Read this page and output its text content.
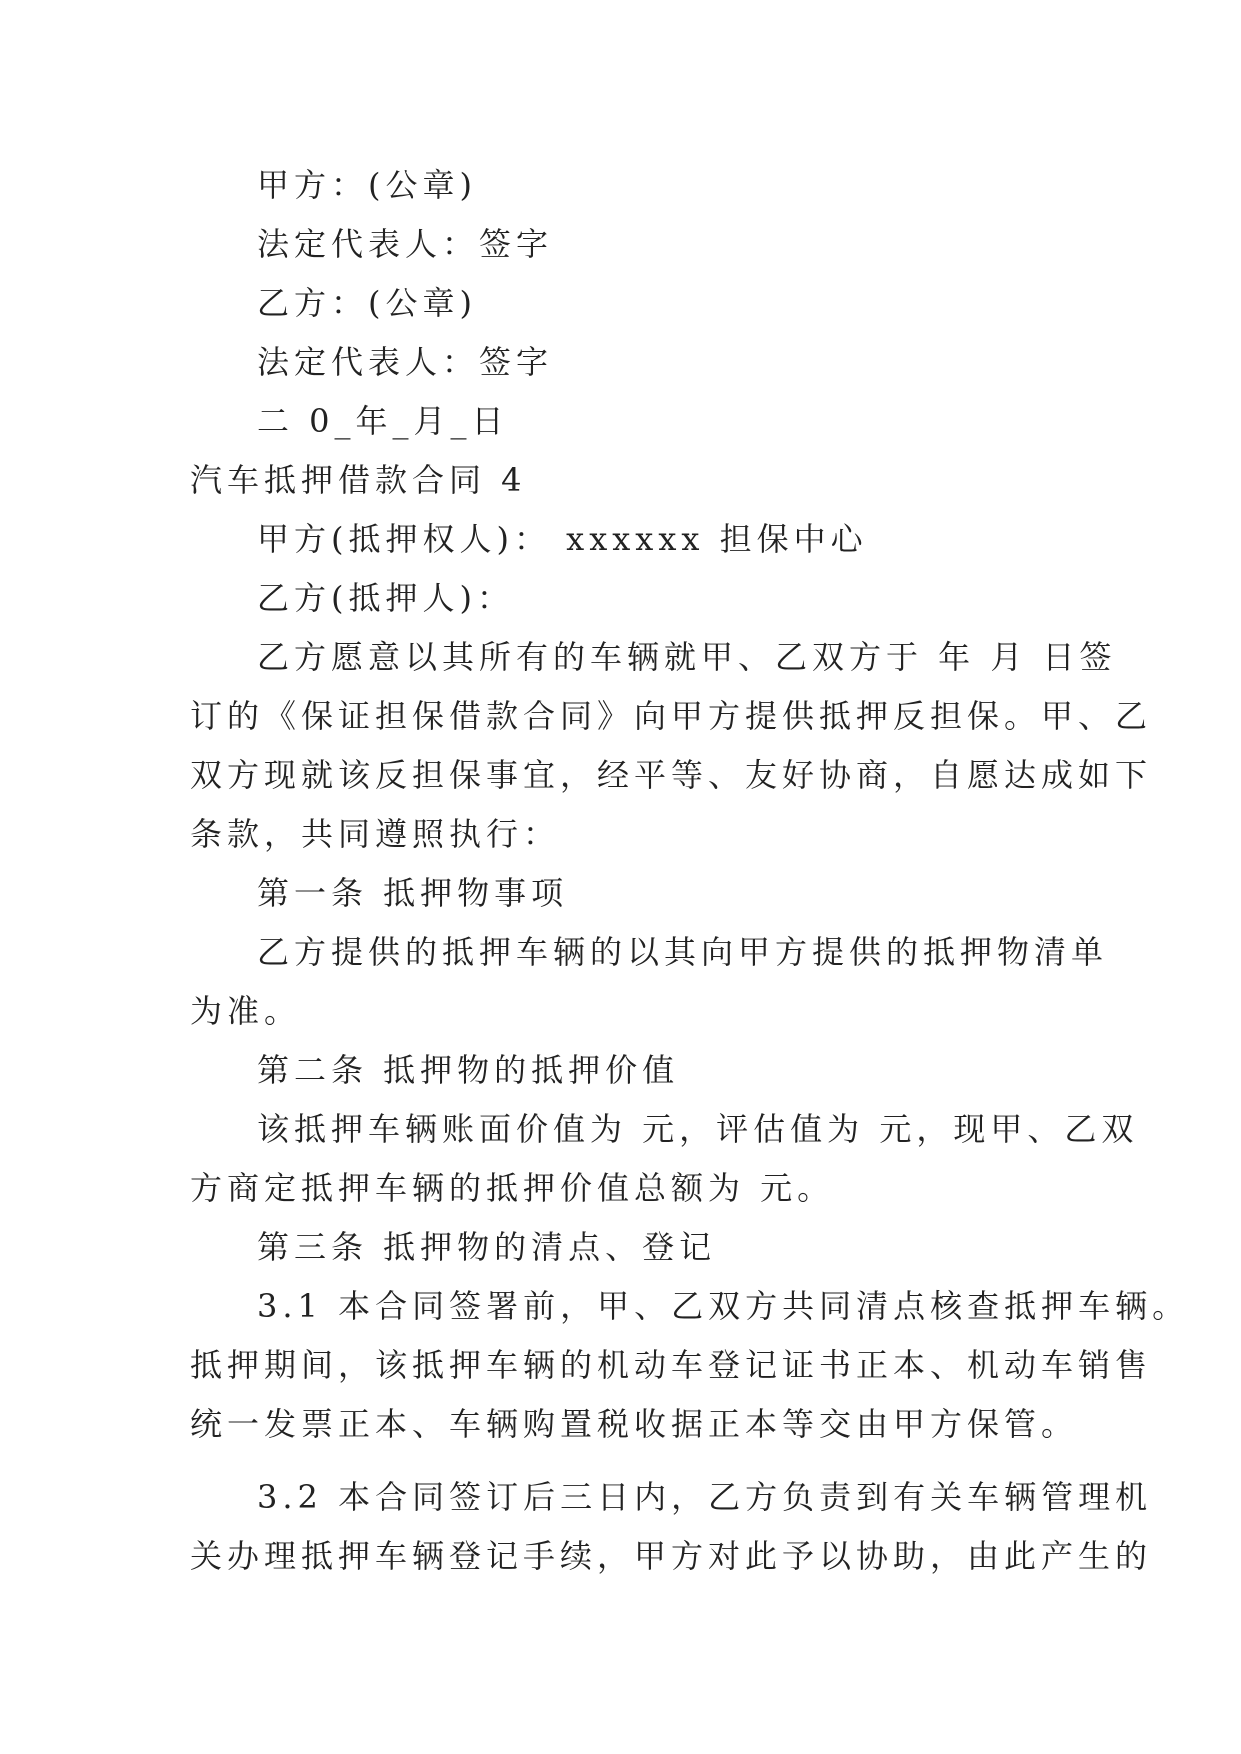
甲方：(公章)
法定代表人：签字
乙方：(公章)
法定代表人：签字
二 0_年_月_日
汽车抵押借款合同 4
甲方(抵押权人)： xxxxxx 担保中心
乙方(抵押人)：
乙方愿意以其所有的车辆就甲、乙双方于 年 月 日签
订的《保证担保借款合同》向甲方提供抵押反担保。甲、乙
双方现就该反担保事宜，经平等、友好协商，自愿达成如下
条款，共同遵照执行：
第一条 抵押物事项
乙方提供的抵押车辆的以其向甲方提供的抵押物清单
为准。
第二条 抵押物的抵押价值
该抵押车辆账面价值为 元，评估值为 元，现甲、乙双
方商定抵押车辆的抵押价值总额为 元。
第三条 抵押物的清点、登记
3.1 本合同签署前，甲、乙双方共同清点核查抵押车辆。
抵押期间，该抵押车辆的机动车登记证书正本、机动车销售
统一发票正本、车辆购置税收据正本等交由甲方保管。
3.2 本合同签订后三日内，乙方负责到有关车辆管理机
关办理抵押车辆登记手续，甲方对此予以协助，由此产生的
